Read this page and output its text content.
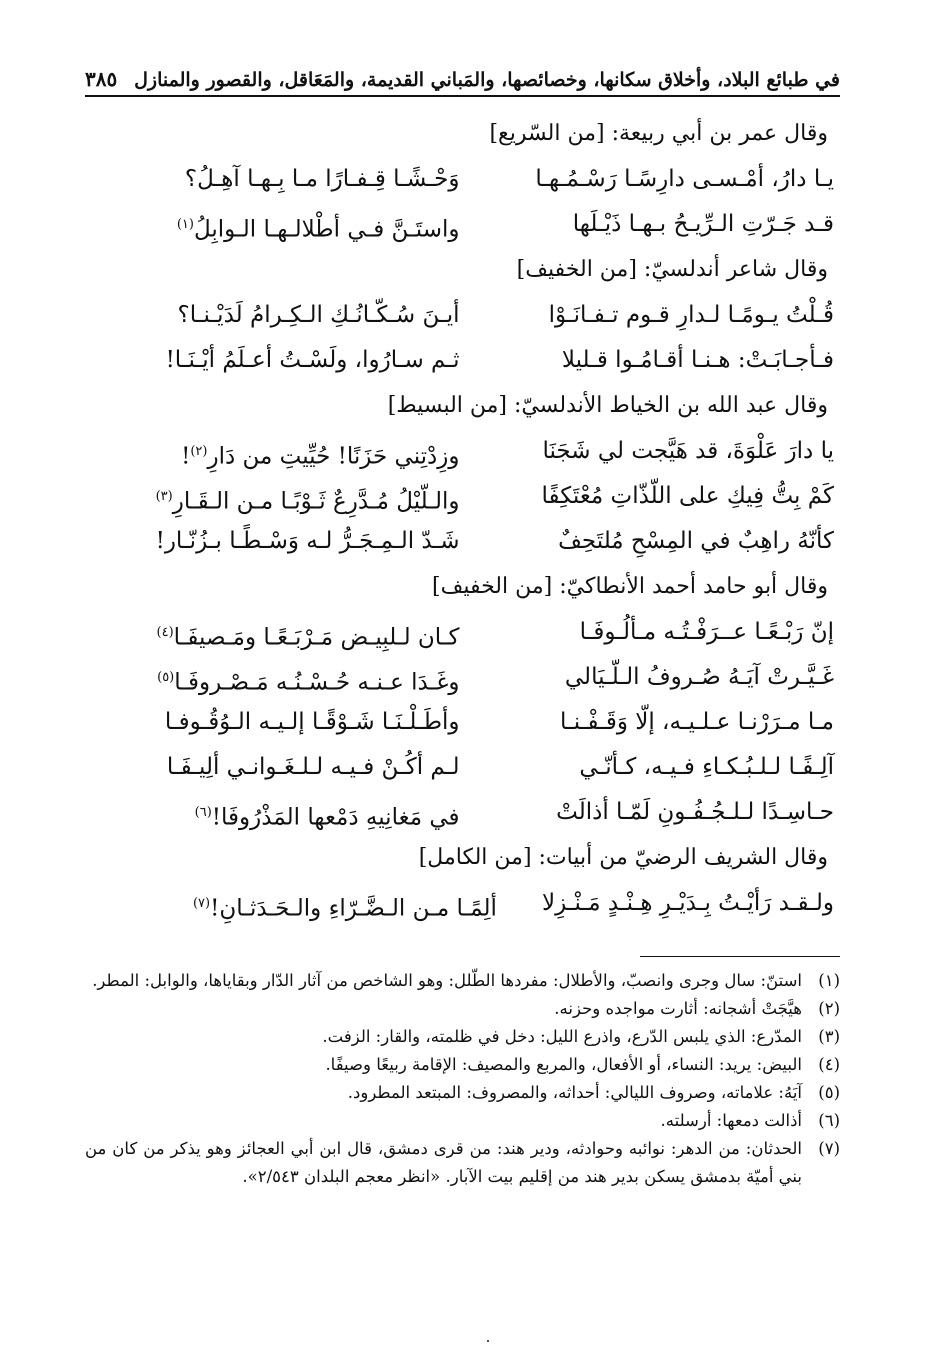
في طبائع البلاد، وأخلاق سكانها، وخصائصها، والمَباني القديمة، والمَعَاقل، والقصور والمنازل
٣٨٥
وقال عمر بن أبي ربيعة: [من السّريع]
يـا دارُ، أمْـسـى دارِسًـا رَسْـمُـهـا
وَحْـشًـا قِـفـارًا مـا بِـهـا آهِـلُ؟
قـد جَـرّتِ الـرِّيـحُ بـهـا ذَيْـلَها
واستَـنَّ فـي أطْلالـهـا الـوابِلُ$^{(١)}$
وقال شاعر أندلسيّ: [من الخفيف]
قُـلْتُ يـومًـا لـدارِ قـوم تـفـانَـوْا
أيـنَ سُـكّـانُـكِ الـكِـرامُ لَدَيْـنـا؟
فـأجـابَـتْ: هـنـا أقـامُـوا قـليلا
ثـم سـارُوا، ولَسْـتُ أعـلَمُ أيْـنَـا!
وقال عبد الله بن الخياط الأندلسيّ: [من البسيط]
يا دارَ عَلْوَةَ، قد هَيَّجت لي شَجَنَا
وزِدْتِني حَزَنًا! حُيِّيتِ من دَارِ$^{(٢)}$!
كَمْ بِتُّ فِيكِ على اللّذّاتِ مُعْتَكِفًا
والـلّيْلُ مُـدَّرِعٌ ثَـوْبًـا مـن الـقَـارِ$^{(٣)}$
كأنّهُ راهِبٌ في المِسْحِ مُلتَحِفٌ
شَـدّ الـمِـجَـرُّ لـه وَسْـطًـا بـزُنّـار!
وقال أبو حامد أحمد الأنطاكيّ: [من الخفيف]
إنّ رَبْـعًـا عــرَفْـتُـه مـألُـوفَـا
كـان لـلبِيـض مَـرْبَـعًـا ومَـصيفَـا$^{(٤)}$
غَـيَّـرتْ آيَـهُ صُـروفُ الـلّـيَالي
وغَـدَا عـنـه حُـسْـنُـه مَـصْـروفَـا$^{(٥)}$
مـا مـرَرْنـا عـلـيـه، إلّا وَقَـفْـنـا
وأطَـلْـنَـا شَـوْقًـا إلـيـه الـوُقُـوفـا
آلِـفًـا لـلـبُـكـاءِ فـيـه، كـأنّـي
لـم أكُـنْ فـيـه لـلـغَـوانـي ألِيـفَـا
حـاسِـدًا لـلـجُـفُـونِ لَمّـا أذالَتْ
في مَغانِيهِ دَمْعها المَذْرُوفَا!$^{(٦)}$
وقال الشريف الرضيّ من أبيات: [من الكامل]
ولـقـد رَأيْـتُ بِـدَيْـرِ هِـنْـدٍ مَـنْـزِلا
ألِمًـا مـن الـضَّـرّاءِ والـحَـدَثـانِ!$^{(٧)}$
(١)
استنّ: سال وجرى وانصبّ، والأطلال: مفردها الطّلل: وهو الشاخص من آثار الدّار وبقاياها، والوابل: المطر.
(٢)
هيَّجَتْ أشجانه: أثارت مواجده وحزنه.
(٣)
المدّرع: الذي يلبس الدّرع، واذرع الليل: دخل في ظلمته، والقار: الزفت.
(٤)
البيض: يريد: النساء، أو الأفعال، والمربع والمصيف: الإقامة ربيعًا وصيفًا.
(٥)
آيَهُ: علاماته، وصروف الليالي: أحداثه، والمصروف: المبتعد المطرود.
(٦)
أذالت دمعها: أرسلته.
(٧)
الحدثان: من الدهر: نوائبه وحوادثه، ودير هند: من قرى دمشق، قال ابن أبي العجائز وهو يذكر من كان من بني أميّة بدمشق يسكن بدير هند من إقليم بيت الآبار. «انظر معجم البلدان ٢/٥٤٣».
